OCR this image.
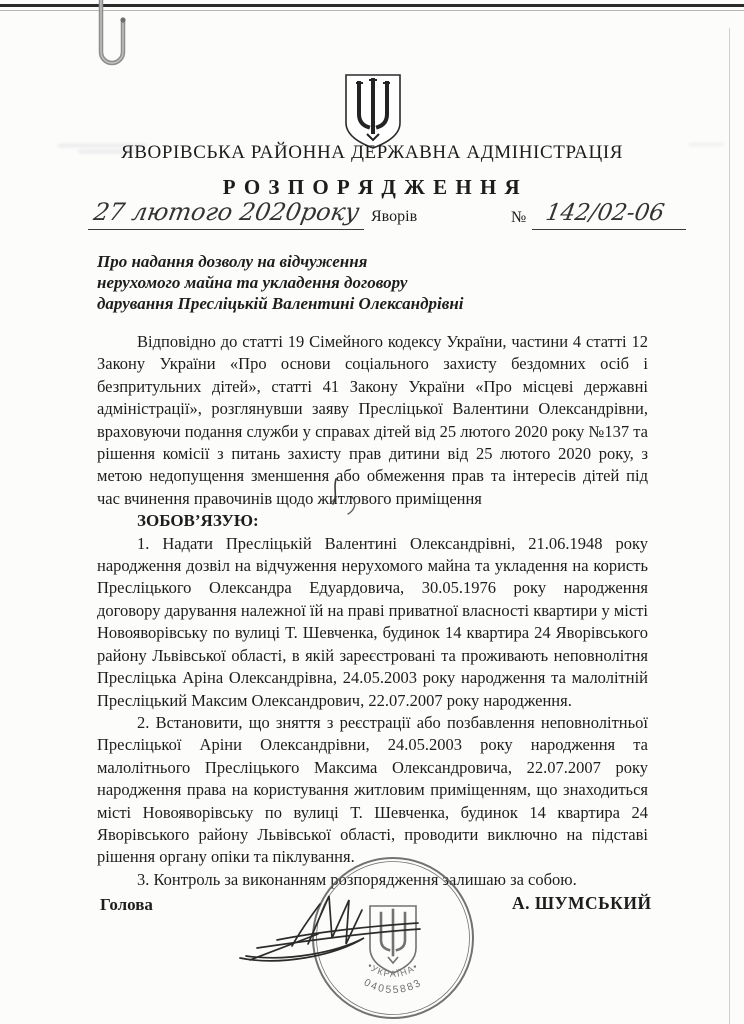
ЯВОРІВСЬКА РАЙОННА ДЕРЖАВНА АДМІНІСТРАЦІЯ
Р О З П О Р Я Д Ж Е Н Н Я
27 лютого 2020року Яворів	№ 142/02-06
Про надання дозволу на відчуження
нерухомого майна та укладення договору
дарування Пресліцькій Валентині Олександрівні
Відповідно до статті 19 Сімейного кодексу України, частини 4 статті 12 Закону України «Про основи соціального захисту бездомних осіб і безпритульних дітей», статті 41 Закону України «Про місцеві державні адміністрації», розглянувши заяву Пресліцької Валентини Олександрівни, враховуючи подання служби у справах дітей від 25 лютого 2020 року №137 та рішення комісії з питань захисту прав дитини від 25 лютого 2020 року, з метою недопущення зменшення або обмеження прав та інтересів дітей під час вчинення правочинів щодо житлового приміщення
ЗОБОВ’ЯЗУЮ:
1. Надати Пресліцькій Валентині Олександрівні, 21.06.1948 року народження дозвіл на відчуження нерухомого майна та укладення на користь Пресліцького Олександра Едуардовича, 30.05.1976 року народження договору дарування належної їй на праві приватної власності квартири у місті Новояворівську по вулиці Т. Шевченка, будинок 14 квартира 24 Яворівського району Львівської області, в якій зареєстровані та проживають неповнолітня Пресліцька Аріна Олександрівна, 24.05.2003 року народження та малолітній Пресліцький Максим Олександрович, 22.07.2007 року народження.
2. Встановити, що зняття з реєстрації або позбавлення неповнолітньої Пресліцької Аріни Олександрівни, 24.05.2003 року народження та малолітнього Пресліцького Максима Олександровича, 22.07.2007 року народження права на користування житловим приміщенням, що знаходиться місті Новояворівську по вулиці Т. Шевченка, будинок 14 квартира 24 Яворівського району Львівської області, проводити виключно на підставі рішення органу опіки та піклування.
3. Контроль за виконанням розпорядження залишаю за собою.
Голова	А. ШУМСЬКИЙ
04055883
•УКРАЇНА•
